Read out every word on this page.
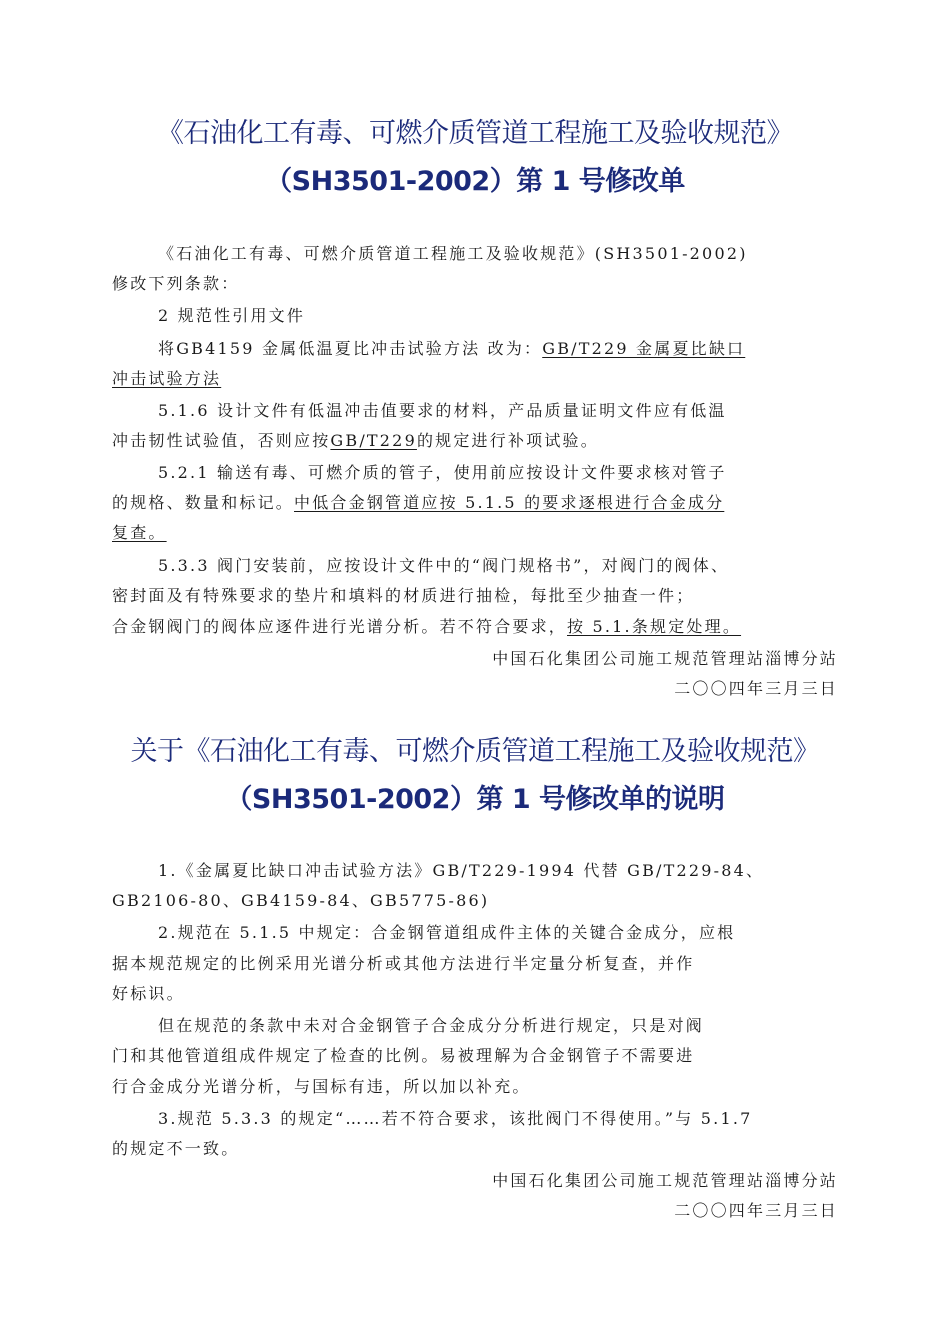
《石油化工有毒、可燃介质管道工程施工及验收规范》
（SH3501-2002）第 1 号修改单
《石油化工有毒、可燃介质管道工程施工及验收规范》(SH3501-2002)
修改下列条款：
2 规范性引用文件
将GB4159 金属低温夏比冲击试验方法 改为：GB/T229 金属夏比缺口
冲击试验方法
5.1.6 设计文件有低温冲击值要求的材料，产品质量证明文件应有低温
冲击韧性试验值，否则应按GB/T229的规定进行补项试验。
5.2.1 输送有毒、可燃介质的管子，使用前应按设计文件要求核对管子
的规格、数量和标记。中低合金钢管道应按 5.1.5 的要求逐根进行合金成分
复查。
5.3.3 阀门安装前，应按设计文件中的“阀门规格书”，对阀门的阀体、
密封面及有特殊要求的垫片和填料的材质进行抽检，每批至少抽查一件；
合金钢阀门的阀体应逐件进行光谱分析。若不符合要求，按 5.1.条规定处理。
中国石化集团公司施工规范管理站淄博分站
二〇〇四年三月三日
关于《石油化工有毒、可燃介质管道工程施工及验收规范》
（SH3501-2002）第 1 号修改单的说明
1.《金属夏比缺口冲击试验方法》GB/T229-1994 代替 GB/T229-84、
GB2106-80、GB4159-84、GB5775-86)
2.规范在 5.1.5 中规定：合金钢管道组成件主体的关键合金成分，应根
据本规范规定的比例采用光谱分析或其他方法进行半定量分析复查，并作
好标识。
但在规范的条款中未对合金钢管子合金成分分析进行规定，只是对阀
门和其他管道组成件规定了检查的比例。易被理解为合金钢管子不需要进
行合金成分光谱分析，与国标有违，所以加以补充。
3.规范 5.3.3 的规定“……若不符合要求，该批阀门不得使用。”与 5.1.7
的规定不一致。
中国石化集团公司施工规范管理站淄博分站
二〇〇四年三月三日
